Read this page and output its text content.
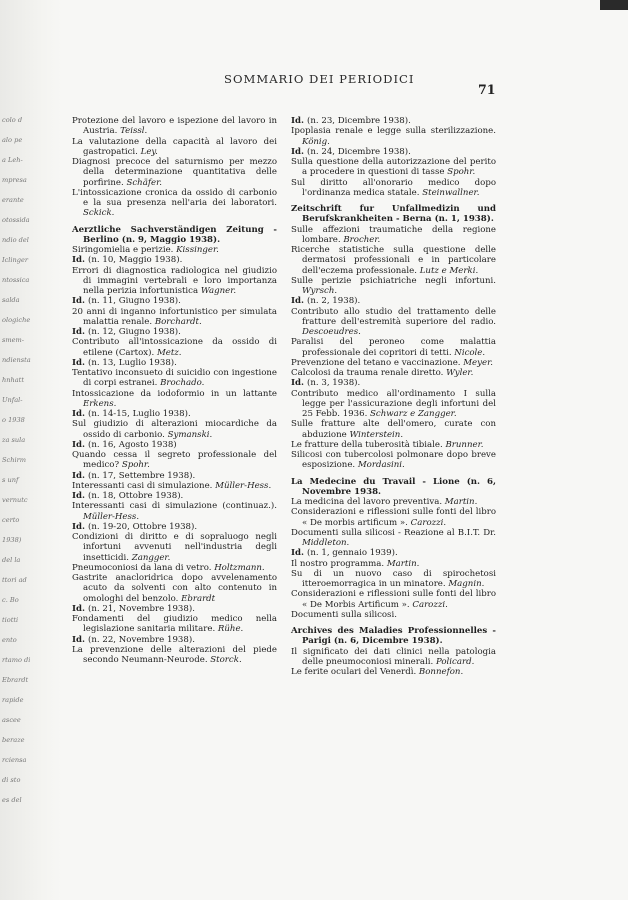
colo d
alo pe
a Leh-
mpresa
erante
otossida
ndio del
Iclinger
ntossica
salda
ologiche
smem-
ndiensta
hnhatt
Unfal-
o 1938
za sula
Schirm
s unf
vernutc
certo
1938)
del la
ttori ad
c. Bo
tiotti
ento
rtamo di
Ebrardt
rapide
ascee
beraze
rciensa
di sto
es del
SOMMARIO DEI PERIODICI
71
Protezione del lavoro e ispezione del lavoro in Austria. Teissl.
La valutazione della capacità al lavoro dei gastropatici. Ley.
Diagnosi precoce del saturnismo per mezzo della determinazione quantitativa delle porfirine. Schäfer.
L'intossicazione cronica da ossido di carbonio e la sua presenza nell'aria dei laboratori. Sckick.
Aerztliche Sachverständigen Zeitung - Berlino (n. 9, Maggio 1938).
Siringomielia e perizie. Kissinger.
Id. (n. 10, Maggio 1938).
Errori di diagnostica radiologica nel giudizio di immagini vertebrali e loro importanza nella perizia infortunistica Wagner.
Id. (n. 11, Giugno 1938).
20 anni di inganno infortunistico per simulata malattia renale. Borchardt.
Id. (n. 12, Giugno 1938).
Contributo all'intossicazione da ossido di etilene (Cartox). Metz.
Id. (n. 13, Luglio 1938).
Tentativo inconsueto di suicidio con ingestione di corpi estranei. Brochado.
Intossicazione da iodoformio in un lattante Erkens.
Id. (n. 14-15, Luglio 1938).
Sul giudizio di alterazioni miocardiche da ossido di carbonio. Symanski.
Id. (n. 16, Agosto 1938)
Quando cessa il segreto professionale del medico? Spohr.
Id. (n. 17, Settembre 1938).
Interessanti casi di simulazione. Müller-Hess.
Id. (n. 18, Ottobre 1938).
Interessanti casi di simulazione (continuaz.). Müller-Hess.
Id. (n. 19-20, Ottobre 1938).
Condizioni di diritto e di sopraluogo negli infortuni avvenuti nell'industria degli insetticidi. Zangger.
Pneumoconiosi da lana di vetro. Holtzmann.
Gastrite anacloridrica dopo avvelenamento acuto da solventi con alto contenuto in omologhi del benzolo. Ebrardt
Id. (n. 21, Novembre 1938).
Fondamenti del giudizio medico nella legislazione sanitaria militare. Rühe.
Id. (n. 22, Novembre 1938).
La prevenzione delle alterazioni del piede secondo Neumann-Neurode. Storck.
Id. (n. 23, Dicembre 1938).
Ipoplasia renale e legge sulla sterilizzazione. König.
Id. (n. 24, Dicembre 1938).
Sulla questione della autorizzazione del perito a procedere in questioni di tasse Spohr.
Sul diritto all'onorario medico dopo l'ordinanza medica statale. Steinwallner.
Zeitschrift fur Unfallmedizin und Berufskrankheiten - Berna (n. 1, 1938).
Sulle affezioni traumatiche della regione lombare. Brocher.
Ricerche statistiche sulla questione delle dermatosi professionali e in particolare dell'eczema professionale. Lutz e Merki.
Sulle perizie psichiatriche negli infortuni. Wyrsch.
Id. (n. 2, 1938).
Contributo allo studio del trattamento delle fratture dell'estremità superiore del radio. Descoeudres.
Paralisi del peroneo come malattia professionale dei copritori di tetti. Nicole.
Prevenzione del tetano e vaccinazione. Meyer.
Calcolosi da trauma renale diretto. Wyler.
Id. (n. 3, 1938).
Contributo medico all'ordinamento I sulla legge per l'assicurazione degli infortuni del 25 Febb. 1936. Schwarz e Zangger.
Sulle fratture alte dell'omero, curate con abduzione Winterstein.
Le fratture della tuberosità tibiale. Brunner.
Silicosi con tubercolosi polmonare dopo breve esposizione. Mordasini.
La Medecine du Travail - Lione (n. 6, Novembre 1938.
La medicina del lavoro preventiva. Martin.
Considerazioni e riflessioni sulle fonti del libro « De morbis artificum ». Carozzi.
Documenti sulla silicosi - Reazione al B.I.T. Dr. Middleton.
Id. (n. 1, gennaio 1939).
Il nostro programma. Martin.
Su di un nuovo caso di spirochetosi itteroemorragica in un minatore. Magnin.
Considerazioni e riflessioni sulle fonti del libro « De Morbis Artificum ». Carozzi.
Documenti sulla silicosi.
Archives des Maladies Professionnelles - Parigi (n. 6, Dicembre 1938).
Il significato dei dati clinici nella patologia delle pneumoconiosi minerali. Policard.
Le ferite oculari del Venerdì. Bonnefon.
